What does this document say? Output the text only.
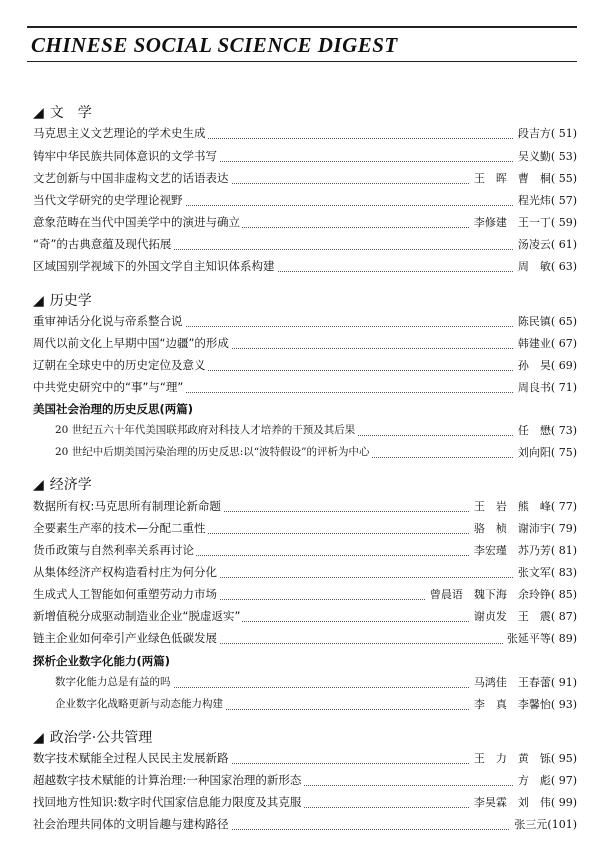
CHINESE SOCIAL SCIENCE DIGEST
◢ 文　学
马克思主义文艺理论的学术史生成	段吉方( 51)
铸牢中华民族共同体意识的文学书写	吴义勤( 53)
文艺创新与中国非虚构文艺的话语表达	王　晖　曹　桐( 55)
当代文学研究的史学理论视野	程光炜( 57)
意象范畴在当代中国美学中的演进与确立	李修建　王一丁( 59)
“奇”的古典意蕴及现代拓展	汤凌云( 61)
区域国别学视域下的外国文学自主知识体系构建	周　敏( 63)
◢ 历史学
重审神话分化说与帝系整合说	陈民镇( 65)
周代以前文化上早期中国“边疆”的形成	韩建业( 67)
辽朝在全球史中的历史定位及意义	孙　昊( 69)
中共党史研究中的“事”与“理”	周良书( 71)
美国社会治理的历史反思(两篇)
20 世纪五六十年代美国联邦政府对科技人才培养的干预及其后果	任　懋( 73)
20 世纪中后期美国污染治理的历史反思:以“波特假设”的评析为中心	刘向阳( 75)
◢ 经济学
数据所有权:马克思所有制理论新命题	王　岩　熊　峰( 77)
全要素生产率的技术—分配二重性	骆　桢　谢沛宇( 79)
货币政策与自然利率关系再讨论	李宏瑾　苏乃芳( 81)
从集体经济产权构造看村庄为何分化	张文军( 83)
生成式人工智能如何重塑劳动力市场	曾晨语　魏下海　余玲铮( 85)
新增值税分成驱动制造业企业“脱虚返实”	谢贞发　王　震( 87)
链主企业如何牵引产业绿色低碳发展	张延平等( 89)
探析企业数字化能力(两篇)
数字化能力总是有益的吗	马鸿佳　王春蕾( 91)
企业数字化战略更新与动态能力构建	李　真　李馨怡( 93)
◢ 政治学·公共管理
数字技术赋能全过程人民民主发展新路	王　力　黄　铄( 95)
超越数字技术赋能的计算治理:一种国家治理的新形态	方　彪( 97)
找回地方性知识:数字时代国家信息能力限度及其克服	李昊霖　刘　伟( 99)
社会治理共同体的文明旨趣与建构路径	张三元(101)
